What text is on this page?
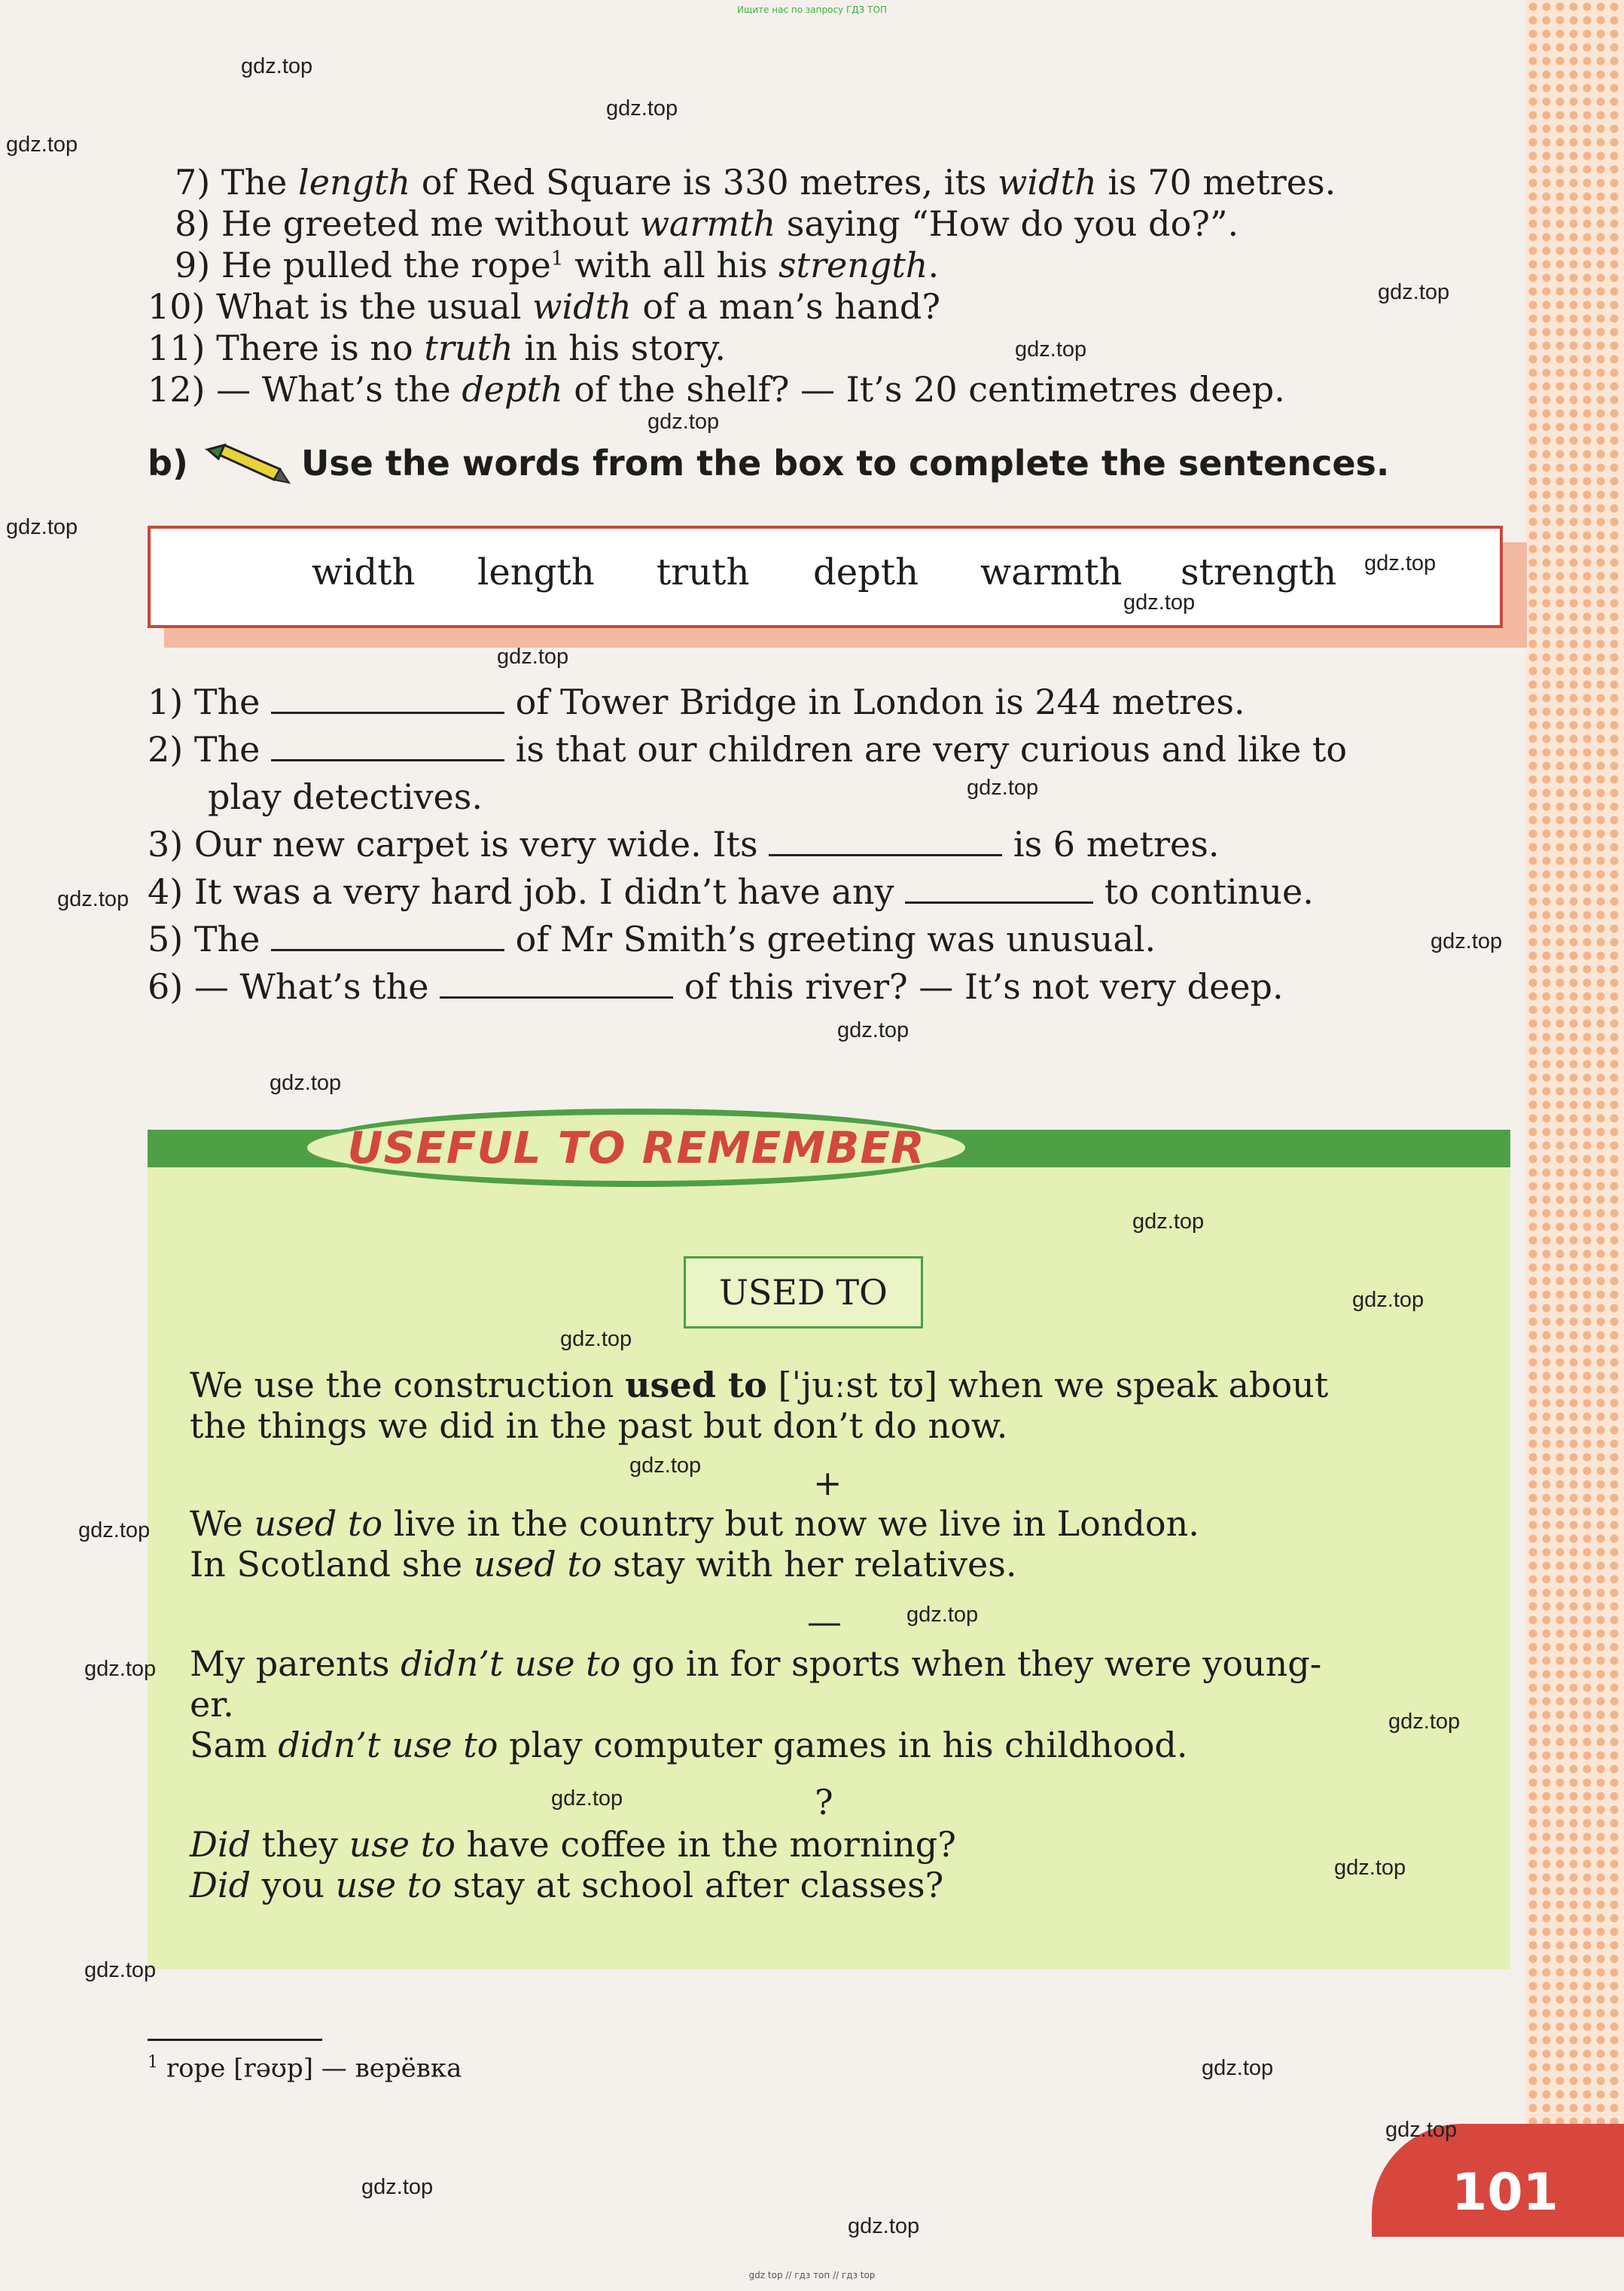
Ищите нас по запросу ГДЗ ТОП
7) The length of Red Square is 330 metres, its width is 70 metres.
8) He greeted me without warmth saying “How do you do?”.
9) He pulled the rope$^1$ with all his strength.
10) What is the usual width of a man’s hand?
11) There is no truth in his story.
12) — What’s the depth of the shelf? — It’s 20 centimetres deep.
b)	Use the words from the box to complete the sentences.
width length truth depth warmth strength
1) The	of Tower Bridge in London is 244 metres.
2) The	is that our children are very curious and like to
play detectives.
3) Our new carpet is very wide. Its	is 6 metres.
4) It was a very hard job. I didn’t have any	to continue.
5) The	of Mr Smith’s greeting was unusual.
6) — What’s the	of this river? — It’s not very deep.
USEFUL TO REMEMBER
USED TO
We use the construction used to [ˈjuːst tʊ] when we speak about
the things we did in the past but don’t do now.
+
We used to live in the country but now we live in London.
In Scotland she used to stay with her relatives.
—
My parents didn’t use to go in for sports when they were young-
er.
Sam didn’t use to play computer games in his childhood.
?
Did they use to have coffee in the morning?
Did you use to stay at school after classes?
$^1$ rope [rəʊp] — верёвка
101
gdz.top
gdz.top
gdz.top
gdz.top
gdz.top
gdz.top
gdz.top
gdz.top
gdz.top
gdz.top
gdz.top
gdz.top
gdz.top
gdz.top
gdz.top
gdz.top
gdz.top
gdz.top
gdz.top
gdz.top
gdz.top
gdz.top
gdz.top
gdz.top
gdz.top
gdz.top
gdz.top
gdz.top
gdz.top
gdz.top
gdz top // гдз топ // гдз top
